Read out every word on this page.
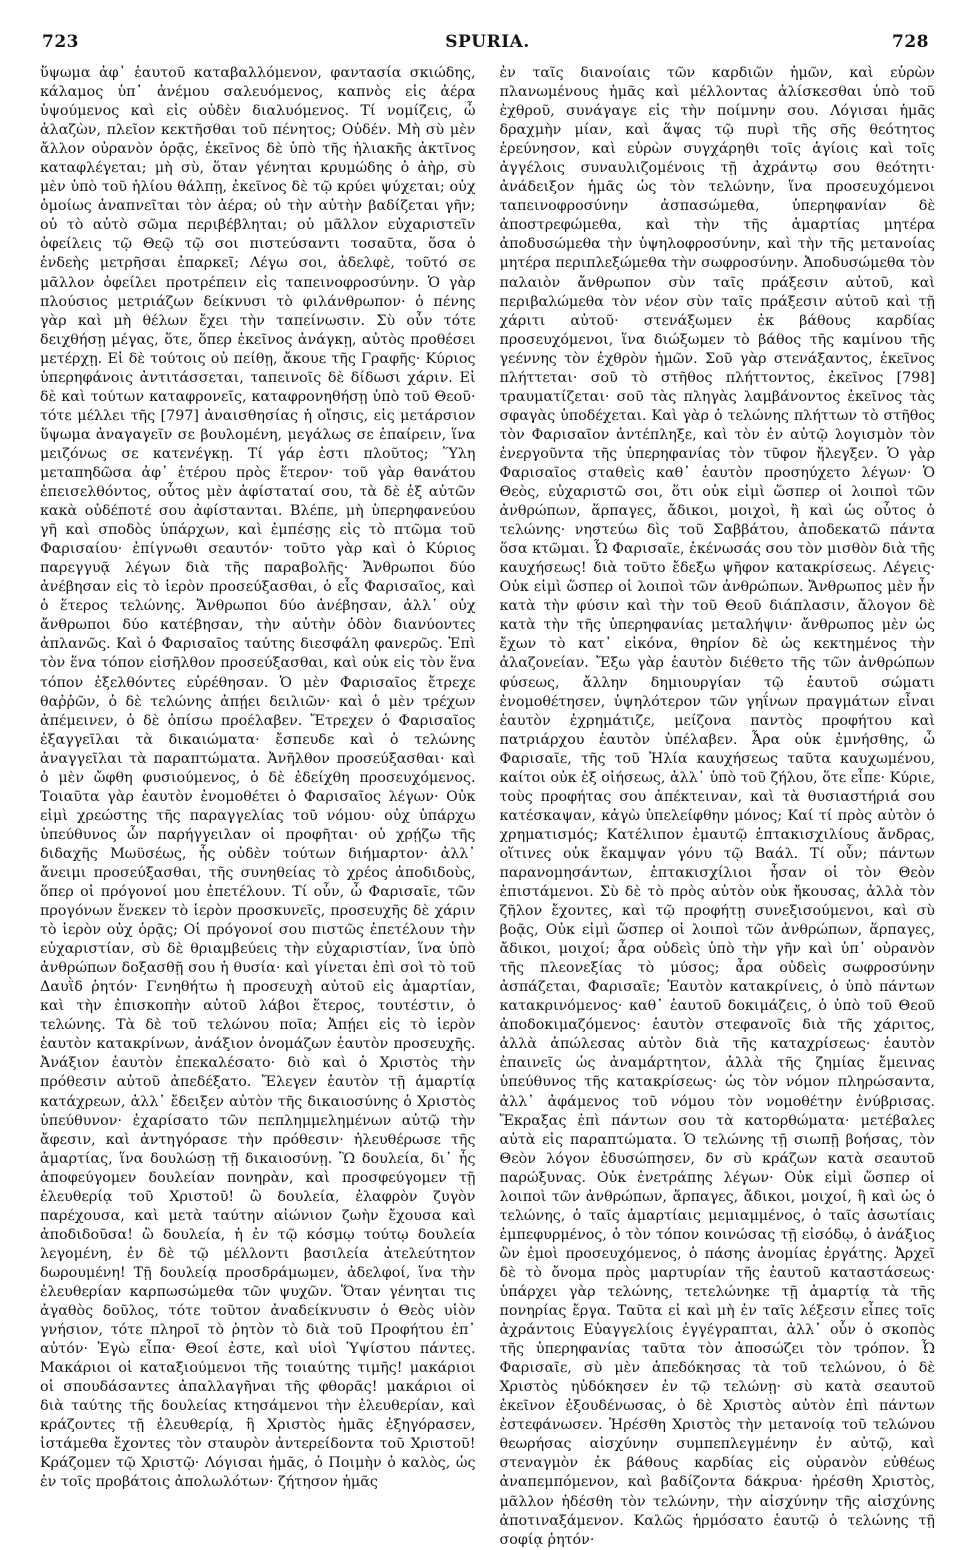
723	SPURIA.	728

ὕψωμα ἀφ᾿ ἑαυτοῦ καταβαλλόμενον, φαντασία σκιώδης, κάλαμος ὑπ᾿ ἀνέμου σαλευόμενος, καπνὸς εἰς ἀέρα ὑψούμενος καὶ εἰς οὐδὲν διαλυόμενος. Τί νομίζεις, ὦ ἀλαζὼν, πλεῖον κεκτῆσθαι τοῦ πένητος; Οὐδέν. Μὴ σὺ μὲν ἄλλον οὐρανὸν ὁρᾷς, ἐκεῖνος δὲ ὑπὸ τῆς ἡλιακῆς ἀκτῖνος καταφλέγεται; μὴ σὺ, ὅταν γένηται κρυμώδης ὁ ἀὴρ, σὺ μὲν ὑπὸ τοῦ ἡλίου θάλπῃ, ἐκεῖνος δὲ τῷ κρύει ψύχεται; οὐχ ὁμοίως ἀναπνεῖται τὸν ἀέρα; οὐ τὴν αὐτὴν βαδίζεται γῆν; οὐ τὸ αὐτὸ σῶμα περιβέβληται; οὐ μᾶλλον εὐχαριστεῖν ὀφείλεις τῷ Θεῷ τῷ σοι πιστεύσαντι τοσαῦτα, ὅσα ὁ ἐνδεὴς μετρῆσαι ἐπαρκεῖ; Λέγω σοι, ἀδελφὲ, τοῦτό σε μᾶλλον ὀφείλει προτρέπειν εἰς ταπεινοφροσύνην. Ὁ γὰρ πλούσιος μετριάζων δείκνυσι τὸ φιλάνθρωπον· ὁ πένης γὰρ καὶ μὴ θέλων ἔχει τὴν ταπείνωσιν. Σὺ οὖν τότε δειχθήσῃ μέγας, ὅτε, ὅπερ ἐκεῖνος ἀνάγκῃ, αὐτὸς προθέσει μετέρχῃ. Εἰ δὲ τούτοις οὐ πείθῃ, ἄκουε τῆς Γραφῆς· Κύριος ὑπερηφάνοις ἀντιτάσσεται, ταπεινοῖς δὲ δίδωσι χάριν. Εἰ δὲ καὶ τούτων καταφρονεῖς, καταφρονηθήσῃ ὑπὸ τοῦ Θεοῦ· τότε μέλλει τῆς [797] ἀναισθησίας ἡ οἴησις, εἰς μετάρσιον ὕψωμα ἀναγαγεῖν σε βουλομένη, μεγάλως σε ἐπαίρειν, ἵνα μειζόνως σε κατενέγκῃ. Τί γάρ ἐστι πλοῦτος; Ὕλη μεταπηδῶσα ἀφ᾿ ἑτέρου πρὸς ἕτερον· τοῦ γὰρ θανάτου ἐπεισελθόντος, οὗτος μὲν ἀφίσταταί σου, τὰ δὲ ἐξ αὐτῶν κακὰ οὐδέποτέ σου ἀφίστανται. Βλέπε, μὴ ὑπερηφανεύου γῆ καὶ σποδὸς ὑπάρχων, καὶ ἐμπέσῃς εἰς τὸ πτῶμα τοῦ Φαρισαίου· ἐπίγνωθι σεαυτόν· τοῦτο γὰρ καὶ ὁ Κύριος παρεγγυᾷ λέγων διὰ τῆς παραβολῆς· Ἄνθρωποι δύο ἀνέβησαν εἰς τὸ ἱερὸν προσεύξασθαι, ὁ εἷς Φαρισαῖος, καὶ ὁ ἕτερος τελώνης. Ἄνθρωποι δύο ἀνέβησαν, ἀλλ᾿ οὐχ ἄνθρωποι δύο κατέβησαν, τὴν αὐτὴν ὁδὸν διανύοντες ἀπλανῶς. Καὶ ὁ Φαρισαῖος ταύτης διεσφάλη φανερῶς. Ἐπὶ τὸν ἕνα τόπον εἰσῆλθον προσεύξασθαι, καὶ οὐκ εἰς τὸν ἕνα τόπον ἐξελθόντες εὑρέθησαν. Ὁ μὲν Φαρισαῖος ἔτρεχε θαῤῥῶν, ὁ δὲ τελώνης ἀπῄει δειλιῶν· καὶ ὁ μὲν τρέχων ἀπέμεινεν, ὁ δὲ ὀπίσω προέλαβεν. Ἔτρεχεν ὁ Φαρισαῖος ἐξαγγεῖλαι τὰ δικαιώματα· ἔσπευδε καὶ ὁ τελώνης ἀναγγεῖλαι τὰ παραπτώματα. Ἀνῆλθον προσεύξασθαι· καὶ ὁ μὲν ὤφθη φυσιούμενος, ὁ δὲ ἐδείχθη προσευχόμενος. Τοιαῦτα γὰρ ἑαυτὸν ἐνομοθέτει ὁ Φαρισαῖος λέγων· Οὐκ εἰμὶ χρεώστης τῆς παραγγελίας τοῦ νόμου· οὐχ ὑπάρχω ὑπεύθυνος ὧν παρήγγειλαν οἱ προφῆται· οὐ χρῄζω τῆς διδαχῆς Μωϋσέως, ἧς οὐδὲν τούτων διήμαρτον· ἀλλ᾿ ἄνειμι προσεύξασθαι, τῆς συνηθείας τὸ χρέος ἀποδιδοὺς, ὅπερ οἱ πρόγονοί μου ἐπετέλουν. Τί οὖν, ὦ Φαρισαῖε, τῶν προγόνων ἕνεκεν τὸ ἱερὸν προσκυνεῖς, προσευχῆς δὲ χάριν τὸ ἱερὸν οὐχ ὁρᾷς; Οἱ πρόγονοί σου πιστῶς ἐπετέλουν τὴν εὐχαριστίαν, σὺ δὲ θριαμβεύεις τὴν εὐχαριστίαν, ἵνα ὑπὸ ἀνθρώπων δοξασθῇ σου ἡ θυσία· καὶ γίνεται ἐπὶ σοὶ τὸ τοῦ Δαυῒδ ῥητόν· Γενηθήτω ἡ προσευχὴ αὐτοῦ εἰς ἁμαρτίαν, καὶ τὴν ἐπισκοπὴν αὐτοῦ λάβοι ἕτερος, τουτέστιν, ὁ τελώνης. Τὰ δὲ τοῦ τελώνου ποῖα; Ἀπῄει εἰς τὸ ἱερὸν ἑαυτὸν κατακρίνων, ἀνάξιον ὀνομάζων ἑαυτὸν προσευχῆς. Ἀνάξιον ἑαυτὸν ἐπεκαλέσατο· διὸ καὶ ὁ Χριστὸς τὴν πρόθεσιν αὐτοῦ ἀπεδέξατο. Ἔλεγεν ἑαυτὸν τῇ ἁμαρτίᾳ κατάχρεων, ἀλλ᾿ ἔδειξεν αὐτὸν τῆς δικαιοσύνης ὁ Χριστὸς ὑπεύθυνον· ἐχαρίσατο τῶν πεπλημμελημένων αὐτῷ τὴν ἄφεσιν, καὶ ἀντηγόρασε τὴν πρόθεσιν· ἠλευθέρωσε τῆς ἁμαρτίας, ἵνα δουλώσῃ τῇ δικαιοσύνῃ. Ὢ δουλεία, δι᾿ ἧς ἀποφεύγομεν δουλείαν πονηρὰν, καὶ προσφεύγομεν τῇ ἐλευθερίᾳ τοῦ Χριστοῦ! ὢ δουλεία, ἐλαφρὸν ζυγὸν παρέχουσα, καὶ μετὰ ταύτην αἰώνιον ζωὴν ἔχουσα καὶ ἀποδιδοῦσα! ὢ δουλεία, ἡ ἐν τῷ κόσμῳ τούτῳ δουλεία λεγομένη, ἐν δὲ τῷ μέλλοντι βασιλεία ἀτελεύτητον δωρουμένη! Τῇ δουλείᾳ προσδράμωμεν, ἀδελφοί, ἵνα τὴν ἐλευθερίαν καρπωσώμεθα τῶν ψυχῶν. Ὅταν γένηται τις ἀγαθὸς δοῦλος, τότε τοῦτον ἀναδείκνυσιν ὁ Θεὸς υἱὸν γνήσιον, τότε πληροῖ τὸ ῥητὸν τὸ διὰ τοῦ Προφήτου ἐπ᾿ αὐτόν· Ἐγὼ εἶπα· Θεοί ἐστε, καὶ υἱοὶ Ὑψίστου πάντες. Μακάριοι οἱ καταξιούμενοι τῆς τοιαύτης τιμῆς! μακάριοι οἱ σπουδάσαντες ἀπαλλαγῆναι τῆς φθορᾶς! μακάριοι οἱ διὰ ταύτης τῆς δουλείας κτησάμενοι τὴν ἐλευθερίαν, καὶ κράζοντες τῇ ἐλευθερίᾳ, ἣ Χριστὸς ἡμᾶς ἐξηγόρασεν, ἱστάμεθα ἔχοντες τὸν σταυρὸν ἀντερείδοντα τοῦ Χριστοῦ! Κράζομεν τῷ Χριστῷ· Λόγισαι ἡμᾶς, ὁ Ποιμὴν ὁ καλὸς, ὡς ἐν τοῖς προβάτοις ἀπολωλότων· ζήτησον ἡμᾶς

ἐν ταῖς διανοίαις τῶν καρδιῶν ἡμῶν, καὶ εὑρὼν πλανωμένους ἡμᾶς καὶ μέλλοντας ἀλίσκεσθαι ὑπὸ τοῦ ἐχθροῦ, συνάγαγε εἰς τὴν ποίμνην σου. Λόγισαι ἡμᾶς δραχμὴν μίαν, καὶ ἅψας τῷ πυρὶ τῆς σῆς θεότητος ἐρεύνησον, καὶ εὑρὼν συγχάρηθι τοῖς ἁγίοις καὶ τοῖς ἀγγέλοις συναυλιζομένοις τῇ ἀχράντῳ σου θεότητι· ἀνάδειξον ἡμᾶς ὡς τὸν τελώνην, ἵνα προσευχόμενοι ταπεινοφροσύνην ἀσπασώμεθα, ὑπερηφανίαν δὲ ἀποστρεφώμεθα, καὶ τὴν τῆς ἁμαρτίας μητέρα ἀποδυσώμεθα τὴν ὑψηλοφροσύνην, καὶ τὴν τῆς μετανοίας μητέρα περιπλεξώμεθα τὴν σωφροσύνην. Ἀποδυσώμεθα τὸν παλαιὸν ἄνθρωπον σὺν ταῖς πράξεσιν αὐτοῦ, καὶ περιβαλώμεθα τὸν νέον σὺν ταῖς πράξεσιν αὐτοῦ καὶ τῇ χάριτι αὐτοῦ· στενάξωμεν ἐκ βάθους καρδίας προσευχόμενοι, ἵνα διώξωμεν τὸ βάθος τῆς καμίνου τῆς γεέννης τὸν ἐχθρὸν ἡμῶν. Σοῦ γὰρ στενάξαντος, ἐκεῖνος πλήττεται· σοῦ τὸ στῆθος πλήττοντος, ἐκεῖνος [798] τραυματίζεται· σοῦ τὰς πληγὰς λαμβάνοντος ἐκεῖνος τὰς σφαγὰς ὑποδέχεται. Καὶ γὰρ ὁ τελώνης πλήττων τὸ στῆθος τὸν Φαρισαῖον ἀντέπληξε, καὶ τὸν ἐν αὐτῷ λογισμὸν τὸν ἐνεργοῦντα τῆς ὑπερηφανίας τὸν τῦφον ἤλεγξεν. Ὁ γὰρ Φαρισαῖος σταθεὶς καθ᾿ ἑαυτὸν προσηύχετο λέγων· Ὁ Θεὸς, εὐχαριστῶ σοι, ὅτι οὐκ εἰμὶ ὥσπερ οἱ λοιποὶ τῶν ἀνθρώπων, ἅρπαγες, ἄδικοι, μοιχοὶ, ἢ καὶ ὡς οὗτος ὁ τελώνης· νηστεύω δὶς τοῦ Σαββάτου, ἀποδεκατῶ πάντα ὅσα κτῶμαι. Ὦ Φαρισαῖε, ἐκένωσάς σου τὸν μισθὸν διὰ τῆς καυχήσεως! διὰ τοῦτο ἔδεξω ψῆφον κατακρίσεως. Λέγεις· Οὐκ εἰμὶ ὥσπερ οἱ λοιποὶ τῶν ἀνθρώπων. Ἄνθρωπος μὲν ἦν κατὰ τὴν φύσιν καὶ τὴν τοῦ Θεοῦ διάπλασιν, ἄλογον δὲ κατὰ τὴν τῆς ὑπερηφανίας μεταλήψιν· ἄνθρωπος μὲν ὡς ἔχων τὸ κατ᾿ εἰκόνα, θηρίον δὲ ὡς κεκτημένος τὴν ἀλαζονείαν. Ἔξω γὰρ ἑαυτὸν διέθετο τῆς τῶν ἀνθρώπων φύσεως, ἄλλην δημιουργίαν τῷ ἑαυτοῦ σώματι ἐνομοθέτησεν, ὑψηλότερον τῶν γηΐνων πραγμάτων εἶναι ἑαυτὸν ἐχρημάτιζε, μείζονα παντὸς προφήτου καὶ πατριάρχου ἑαυτὸν ὑπέλαβεν. Ἆρα οὐκ ἐμνήσθης, ὦ Φαρισαῖε, τῆς τοῦ Ἠλία καυχήσεως ταῦτα καυχωμένου, καίτοι οὐκ ἐξ οἰήσεως, ἀλλ᾿ ὑπὸ τοῦ ζήλου, ὅτε εἶπε· Κύριε, τοὺς προφήτας σου ἀπέκτειναν, καὶ τὰ θυσιαστήριά σου κατέσκαψαν, κἀγὼ ὑπελείφθην μόνος; Καί τί πρὸς αὐτὸν ὁ χρηματισμός; Κατέλιπον ἐμαυτῷ ἑπτακισχιλίους ἄνδρας, οἵτινες οὐκ ἔκαμψαν γόνυ τῷ Βαάλ. Τί οὖν; πάντων παρανομησάντων, ἑπτακισχίλιοι ἦσαν οἱ τὸν Θεὸν ἐπιστάμενοι. Σὺ δὲ τὸ πρὸς αὐτὸν οὐκ ἤκουσας, ἀλλὰ τὸν ζῆλον ἔχοντες, καὶ τῷ προφήτῃ συνεξισούμενοι, καὶ σὺ βοᾷς, Οὐκ εἰμὶ ὥσπερ οἱ λοιποὶ τῶν ἀνθρώπων, ἅρπαγες, ἄδικοι, μοιχοί; ἆρα οὐδεὶς ὑπὸ τὴν γῆν καὶ ὑπ᾿ οὐρανὸν τῆς πλεονεξίας τὸ μύσος; ἆρα οὐδεὶς σωφροσύνην ἀσπάζεται, Φαρισαῖε; Ἑαυτὸν κατακρίνεις, ὁ ὑπὸ πάντων κατακρινόμενος· καθ᾿ ἑαυτοῦ δοκιμάζεις, ὁ ὑπὸ τοῦ Θεοῦ ἀποδοκιμαζόμενος· ἑαυτὸν στεφανοῖς διὰ τῆς χάριτος, ἀλλὰ ἀπώλεσας αὐτὸν διὰ τῆς καταχρίσεως· ἑαυτὸν ἐπαινεῖς ὡς ἀναμάρτητον, ἀλλὰ τῆς ζημίας ἔμεινας ὑπεύθυνος τῆς κατακρίσεως· ὡς τὸν νόμον πληρώσαντα, ἀλλ᾿ ἀφάμενος τοῦ νόμου τὸν νομοθέτην ἐνύβρισας. Ἔκραξας ἐπὶ πάντων σου τὰ κατορθώματα· μετέβαλες αὐτὰ εἰς παραπτώματα. Ὁ τελώνης τῇ σιωπῇ βοήσας, τὸν Θεὸν λόγον ἐδυσώπησεν, δν σὺ κράζων κατὰ σεαυτοῦ παρώξυνας. Οὐκ ἐνετράπης λέγων· Οὐκ εἰμὶ ὥσπερ οἱ λοιποὶ τῶν ἀνθρώπων, ἅρπαγες, ἄδικοι, μοιχοί, ἢ καὶ ὡς ὁ τελώνης, ὁ ταῖς ἁμαρτίαις μεμιαμμένος, ὁ ταῖς ἀσωτίαις ἐμπεφυρμένος, ὁ τὸν τόπον κοινώσας τῇ εἰσόδῳ, ὁ ἀνάξιος ὢν ἐμοὶ προσευχόμενος, ὁ πάσης ἀνομίας ἐργάτης. Ἀρχεῖ δὲ τὸ ὄνομα πρὸς μαρτυρίαν τῆς ἑαυτοῦ καταστάσεως· ὑπάρχει γὰρ τελώνης, τετελώνηκε τῇ ἁμαρτίᾳ τὰ τῆς πονηρίας ἔργα. Ταῦτα εἰ καὶ μὴ ἐν ταῖς λέξεσιν εἶπες τοῖς ἀχράντοις Εὐαγγελίοις ἐγγέγραπται, ἀλλ᾿ οὖν ὁ σκοπὸς τῆς ὑπερηφανίας ταῦτα τὸν ἀποσώζει τὸν τρόπον. Ὦ Φαρισαῖε, σὺ μὲν ἀπεδόκησας τὰ τοῦ τελώνου, ὁ δὲ Χριστὸς ηὐδόκησεν ἐν τῷ τελώνῃ· σὺ κατὰ σεαυτοῦ ἐκεῖνον ἐξουδένωσας, ὁ δὲ Χριστὸς αὐτὸν ἐπὶ πάντων ἐστεφάνωσεν. Ἠρέσθη Χριστὸς τὴν μετανοίᾳ τοῦ τελώνου θεωρήσας αἰσχύνην συμπεπλεγμένην ἐν αὐτῷ, καὶ στεναγμὸν ἐκ βάθους καρδίας εἰς οὐρανὸν εὐθέως ἀναπεμπόμενον, καὶ βαδίζοντα δάκρυα· ἠρέσθη Χριστὸς, μᾶλλον ἡδέσθη τὸν τελώνην, τὴν αἰσχύνην τῆς αἰσχύνης ἀποτιναξάμενον. Καλῶς ἡρμόσατο ἑαυτῷ ὁ τελώνης τῇ σοφίᾳ ῥητόν·
